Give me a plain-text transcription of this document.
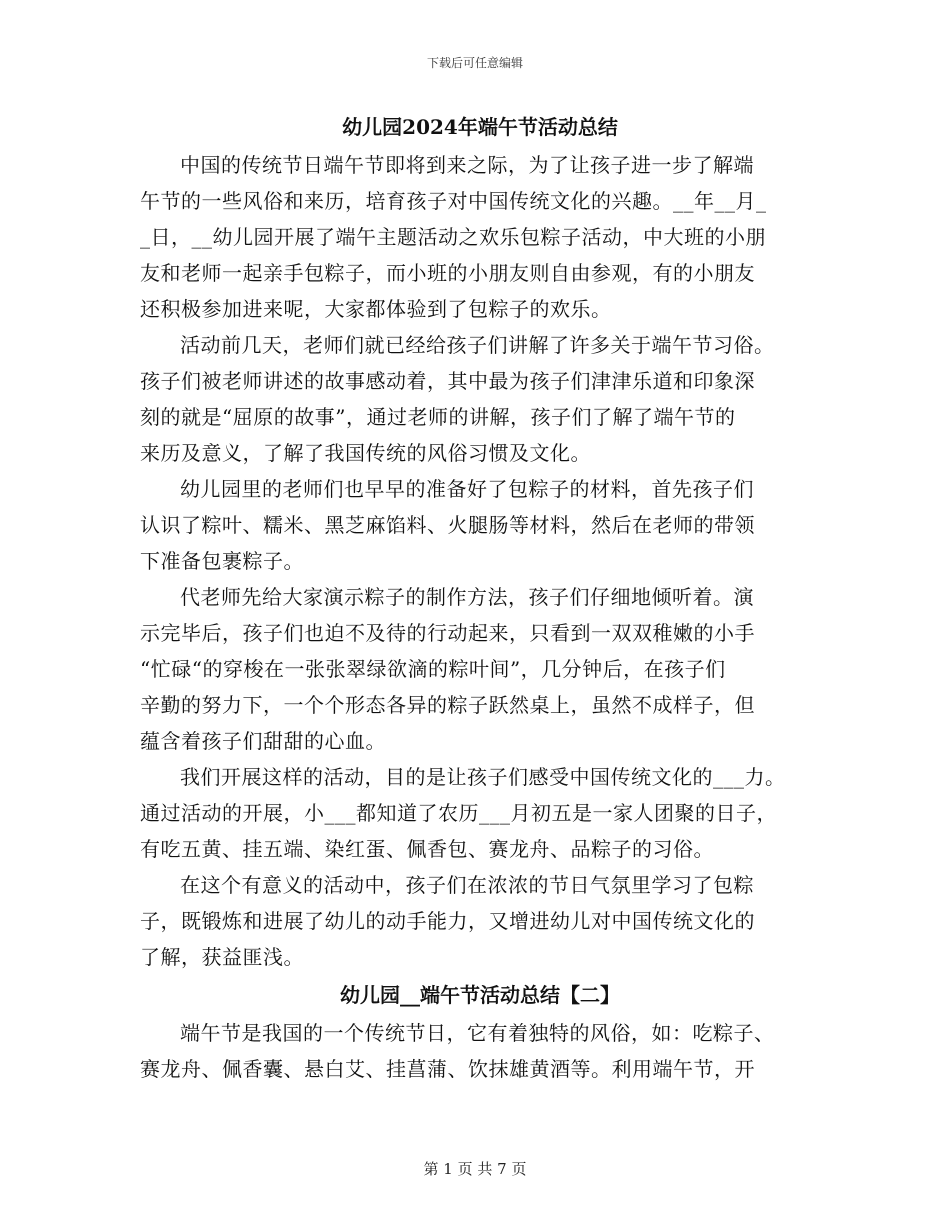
下载后可任意编辑
幼儿园2024年端午节活动总结

中国的传统节日端午节即将到来之际，为了让孩子进一步了解端
午节的一些风俗和来历，培育孩子对中国传统文化的兴趣。__年__月_
_日，__幼儿园开展了端午主题活动之欢乐包粽子活动，中大班的小朋
友和老师一起亲手包粽子，而小班的小朋友则自由参观，有的小朋友
还积极参加进来呢，大家都体验到了包粽子的欢乐。

活动前几天，老师们就已经给孩子们讲解了许多关于端午节习俗。
孩子们被老师讲述的故事感动着，其中最为孩子们津津乐道和印象深
刻的就是“屈原的故事”，通过老师的讲解，孩子们了解了端午节的
来历及意义，了解了我国传统的风俗习惯及文化。

幼儿园里的老师们也早早的准备好了包粽子的材料，首先孩子们
认识了粽叶、糯米、黑芝麻馅料、火腿肠等材料，然后在老师的带领
下准备包裹粽子。

代老师先给大家演示粽子的制作方法，孩子们仔细地倾听着。演
示完毕后，孩子们也迫不及待的行动起来，只看到一双双稚嫩的小手
“忙碌“的穿梭在一张张翠绿欲滴的粽叶间”，几分钟后，在孩子们
辛勤的努力下，一个个形态各异的粽子跃然桌上，虽然不成样子，但
蕴含着孩子们甜甜的心血。

我们开展这样的活动，目的是让孩子们感受中国传统文化的___力。
通过活动的开展，小___都知道了农历___月初五是一家人团聚的日子，
有吃五黄、挂五端、染红蛋、佩香包、赛龙舟、品粽子的习俗。

在这个有意义的活动中，孩子们在浓浓的节日气氛里学习了包粽
子，既锻炼和进展了幼儿的动手能力，又增进幼儿对中国传统文化的
了解，获益匪浅。

幼儿园__端午节活动总结【二】

端午节是我国的一个传统节日，它有着独特的风俗，如：吃粽子、
赛龙舟、佩香囊、悬白艾、挂菖蒲、饮抹雄黄酒等。利用端午节，开

第 1 页 共 7 页
